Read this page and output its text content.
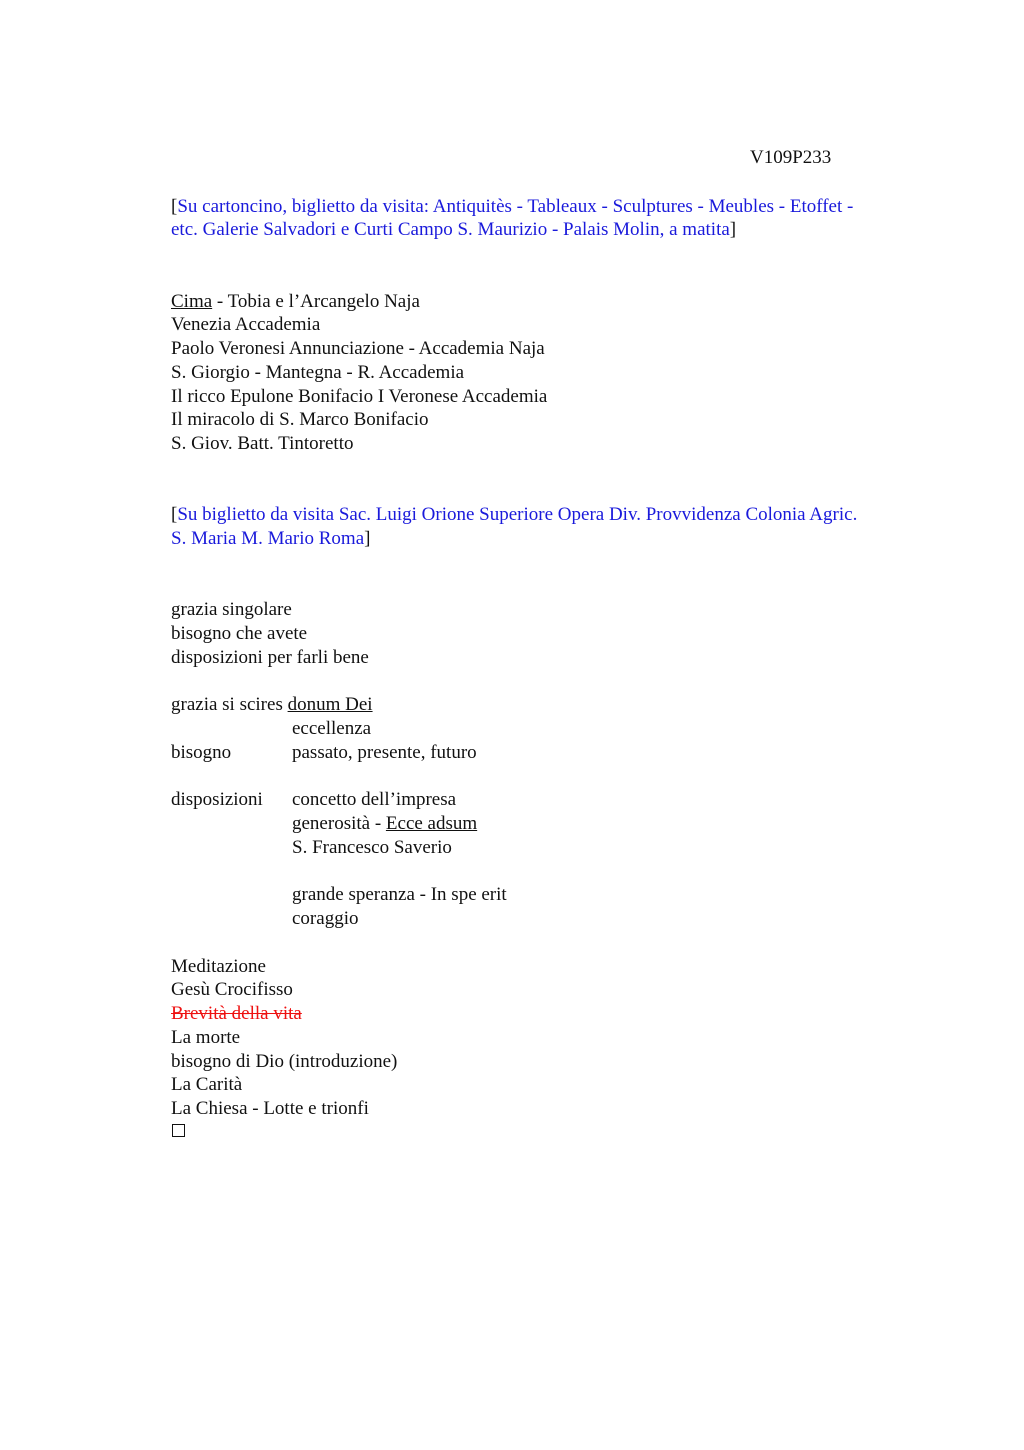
V109P233
[Su cartoncino, biglietto da visita: Antiquitès - Tableaux - Sculptures - Meubles - Etoffet -
etc. Galerie Salvadori e Curti Campo S. Maurizio - Palais Molin, a matita]
Cima - Tobia e l’Arcangelo Naja
Venezia Accademia
Paolo Veronesi Annunciazione - Accademia Naja
S. Giorgio - Mantegna - R. Accademia
Il ricco Epulone Bonifacio I Veronese Accademia
Il miracolo di S. Marco Bonifacio
S. Giov. Batt. Tintoretto
[Su biglietto da visita Sac. Luigi Orione Superiore Opera Div. Provvidenza Colonia Agric.
S. Maria M. Mario Roma]
grazia singolare
bisogno che avete
disposizioni per farli bene
grazia si scires donum Dei
eccellenza
bisogno	passato, presente, futuro
disposizioni concetto dell’impresa
generosità - Ecce adsum
S. Francesco Saverio
grande speranza - In spe erit
coraggio
Meditazione
Gesù Crocifisso
Brevità della vita
La morte
bisogno di Dio (introduzione)
La Carità
La Chiesa - Lotte e trionfi
